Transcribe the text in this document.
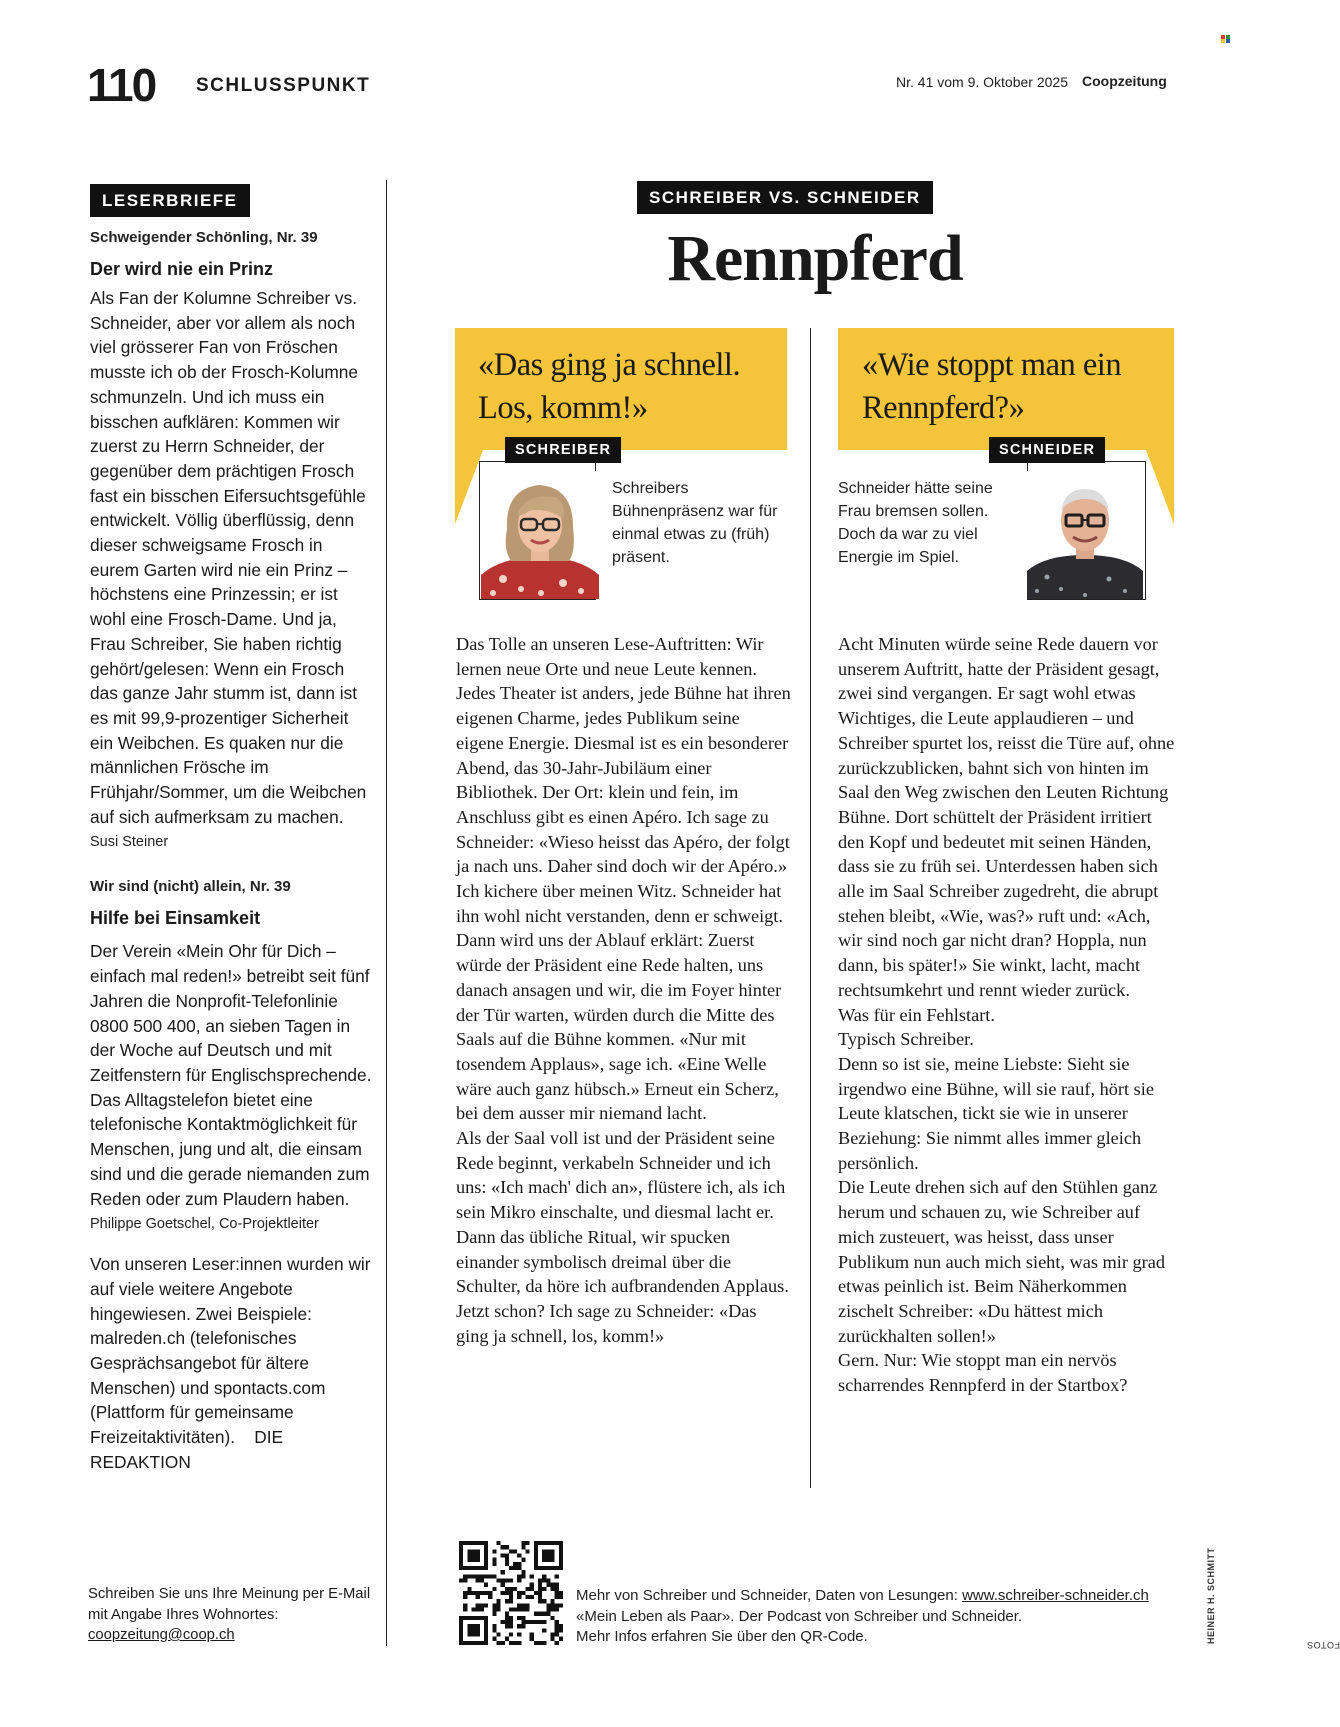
110 SCHLUSSPUNKT	Nr. 41 vom 9. Oktober 2025 Coopzeitung
LESERBRIEFE
Schweigender Schönling, Nr. 39
Der wird nie ein Prinz
Als Fan der Kolumne Schreiber vs. Schneider, aber vor allem als noch viel grösserer Fan von Fröschen musste ich ob der Frosch-Kolumne schmunzeln. Und ich muss ein bisschen aufklären: Kommen wir zuerst zu Herrn Schneider, der gegenüber dem prächtigen Frosch fast ein bisschen Eifersuchtsgefühle entwickelt. Völlig überflüssig, denn dieser schweigsame Frosch in eurem Garten wird nie ein Prinz – höchstens eine Prinzessin; er ist wohl eine Frosch-Dame. Und ja, Frau Schreiber, Sie haben richtig gehört/gelesen: Wenn ein Frosch das ganze Jahr stumm ist, dann ist es mit 99,9-prozentiger Sicherheit ein Weibchen. Es quaken nur die männlichen Frösche im Frühjahr/Sommer, um die Weibchen auf sich aufmerksam zu machen.
Susi Steiner
Wir sind (nicht) allein, Nr. 39
Hilfe bei Einsamkeit
Der Verein «Mein Ohr für Dich – einfach mal reden!» betreibt seit fünf Jahren die Nonprofit-Telefonlinie 0800 500 400, an sieben Tagen in der Woche auf Deutsch und mit Zeitfenstern für Englischsprechende. Das Alltagstelefon bietet eine telefonische Kontaktmöglichkeit für Menschen, jung und alt, die einsam sind und die gerade niemanden zum Reden oder zum Plaudern haben.
Philippe Goetschel, Co-Projektleiter
Von unseren Leser:innen wurden wir auf viele weitere Angebote hingewiesen. Zwei Beispiele: malreden.ch (telefonisches Gesprächsangebot für ältere Menschen) und spontacts.com (Plattform für gemeinsame Freizeitaktivitäten). DIE REDAKTION
Schreiben Sie uns Ihre Meinung per E-Mail mit Angabe Ihres Wohnortes:
coopzeitung@coop.ch
SCHREIBER VS. SCHNEIDER
Rennpferd
«Das ging ja schnell. Los, komm!»
SCHREIBER
Schreibers Bühnenpräsenz war für einmal etwas zu (früh) präsent.
«Wie stoppt man ein Rennpferd?»
SCHNEIDER
Schneider hätte seine Frau bremsen sollen. Doch da war zu viel Energie im Spiel.

Das Tolle an unseren Lese-Auftritten: Wir lernen neue Orte und neue Leute kennen. Jedes Theater ist anders, jede Bühne hat ihren eigenen Charme, jedes Publikum seine eigene Energie. Diesmal ist es ein besonderer Abend, das 30-Jahr-Jubiläum einer Bibliothek. Der Ort: klein und fein, im Anschluss gibt es einen Apéro. Ich sage zu Schneider: «Wieso heisst das Apéro, der folgt ja nach uns. Daher sind doch wir der Apéro.»

Ich kichere über meinen Witz. Schneider hat ihn wohl nicht verstanden, denn er schweigt.

Dann wird uns der Ablauf erklärt: Zuerst würde der Präsident eine Rede halten, uns danach ansagen und wir, die im Foyer hinter der Tür warten, würden durch die Mitte des Saals auf die Bühne kommen. «Nur mit tosendem Applaus», sage ich. «Eine Welle wäre auch ganz hübsch.» Erneut ein Scherz, bei dem ausser mir niemand lacht.

Als der Saal voll ist und der Präsident seine Rede beginnt, verkabeln Schneider und ich uns: «Ich mach' dich an», flüstere ich, als ich sein Mikro einschalte, und diesmal lacht er.

Dann das übliche Ritual, wir spucken einander symbolisch dreimal über die Schulter, da höre ich aufbrandenden Applaus. Jetzt schon? Ich sage zu Schneider: «Das ging ja schnell, los, komm!»

Acht Minuten würde seine Rede dauern vor unserem Auftritt, hatte der Präsident gesagt, zwei sind vergangen. Er sagt wohl etwas Wichtiges, die Leute applaudieren – und Schreiber spurtet los, reisst die Türe auf, ohne zurückzublicken, bahnt sich von hinten im Saal den Weg zwischen den Leuten Richtung Bühne. Dort schüttelt der Präsident irritiert den Kopf und bedeutet mit seinen Händen, dass sie zu früh sei. Unterdessen haben sich alle im Saal Schreiber zugedreht, die abrupt stehen bleibt, «Wie, was?» ruft und: «Ach, wir sind noch gar nicht dran? Hoppla, nun dann, bis später!» Sie winkt, lacht, macht rechtsumkehrt und rennt wieder zurück.

Was für ein Fehlstart.

Typisch Schreiber.

Denn so ist sie, meine Liebste: Sieht sie irgendwo eine Bühne, will sie rauf, hört sie Leute klatschen, tickt sie wie in unserer Beziehung: Sie nimmt alles immer gleich persönlich.

Die Leute drehen sich auf den Stühlen ganz herum und schauen zu, wie Schreiber auf mich zusteuert, was heisst, dass unser Publikum nun auch mich sieht, was mir grad etwas peinlich ist. Beim Näherkommen zischelt Schreiber: «Du hättest mich zurückhalten sollen!»

Gern. Nur: Wie stoppt man ein nervös scharrendes Rennpferd in der Startbox?

Mehr von Schreiber und Schneider, Daten von Lesungen: www.schreiber-schneider.ch
«Mein Leben als Paar». Der Podcast von Schreiber und Schneider.
Mehr Infos erfahren Sie über den QR-Code.	FOTOS
HEINER H. SCHMITT
